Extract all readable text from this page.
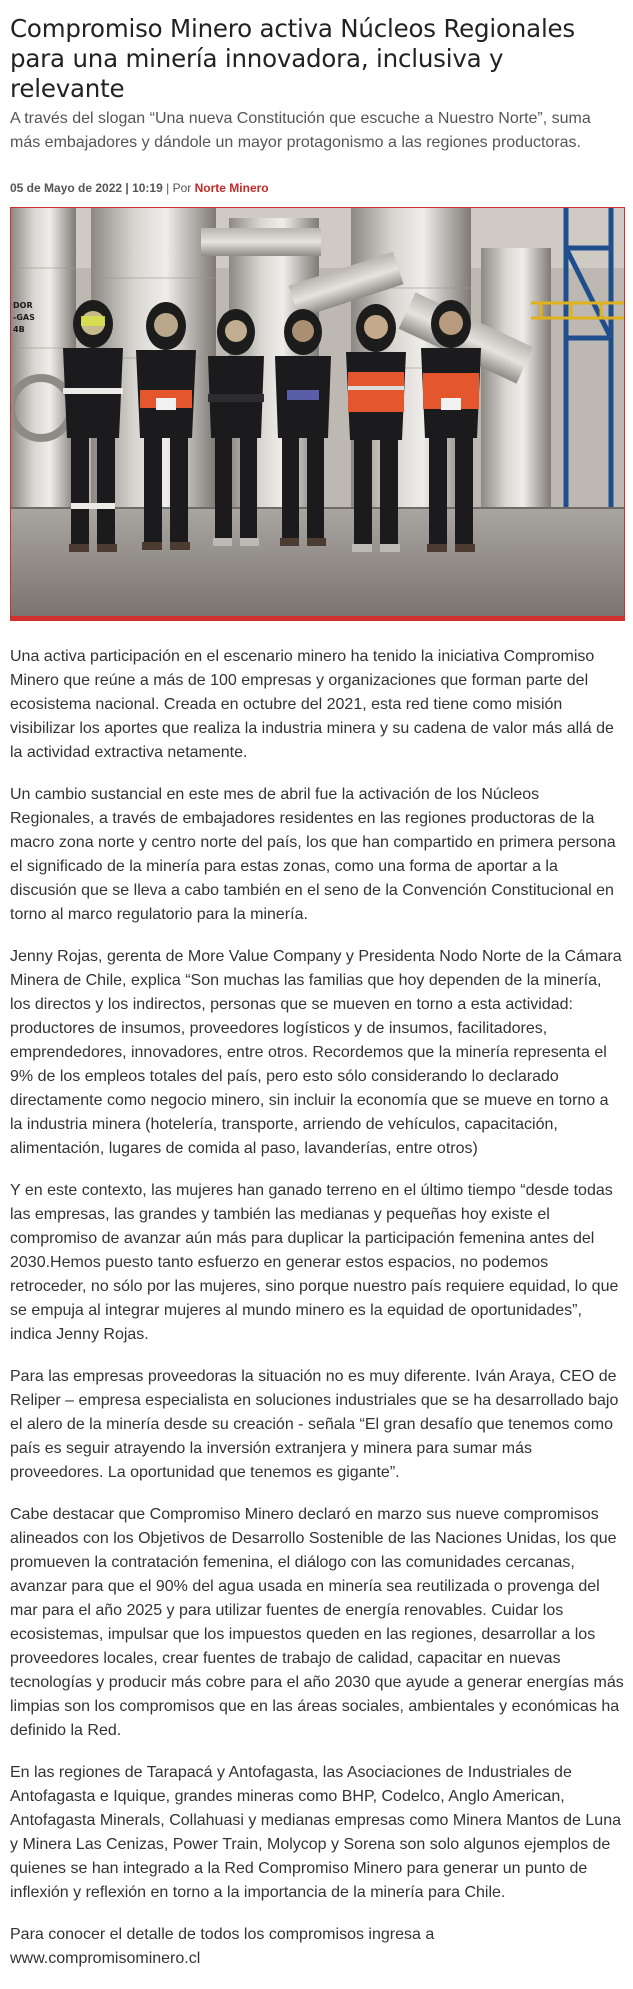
Compromiso Minero activa Núcleos Regionales para una minería innovadora, inclusiva y relevante

A través del slogan “Una nueva Constitución que escuche a Nuestro Norte”, suma más embajadores y dándole un mayor protagonismo a las regiones productoras.

05 de Mayo de 2022 | 10:19 | Por Norte Minero
DOR
-GAS
4B

Una activa participación en el escenario minero ha tenido la iniciativa Compromiso Minero que reúne a más de 100 empresas y organizaciones que forman parte del ecosistema nacional. Creada en octubre del 2021, esta red tiene como misión visibilizar los aportes que realiza la industria minera y su cadena de valor más allá de la actividad extractiva netamente.

Un cambio sustancial en este mes de abril fue la activación de los Núcleos Regionales, a través de embajadores residentes en las regiones productoras de la macro zona norte y centro norte del país, los que han compartido en primera persona el significado de la minería para estas zonas, como una forma de aportar a la discusión que se lleva a cabo también en el seno de la Convención Constitucional en torno al marco regulatorio para la minería.

Jenny Rojas, gerenta de More Value Company y Presidenta Nodo Norte de la Cámara Minera de Chile, explica “Son muchas las familias que hoy dependen de la minería, los directos y los indirectos, personas que se mueven en torno a esta actividad: productores de insumos, proveedores logísticos y de insumos, facilitadores, emprendedores, innovadores, entre otros. Recordemos que la minería representa el 9% de los empleos totales del país, pero esto sólo considerando lo declarado directamente como negocio minero, sin incluir la economía que se mueve en torno a la industria minera (hotelería, transporte, arriendo de vehículos, capacitación, alimentación, lugares de comida al paso, lavanderías, entre otros)

Y en este contexto, las mujeres han ganado terreno en el último tiempo “desde todas las empresas, las grandes y también las medianas y pequeñas hoy existe el compromiso de avanzar aún más para duplicar la participación femenina antes del 2030.Hemos puesto tanto esfuerzo en generar estos espacios, no podemos retroceder, no sólo por las mujeres, sino porque nuestro país requiere equidad, lo que se empuja al integrar mujeres al mundo minero es la equidad de oportunidades”, indica Jenny Rojas.

Para las empresas proveedoras la situación no es muy diferente. Iván Araya, CEO de Reliper – empresa especialista en soluciones industriales que se ha desarrollado bajo el alero de la minería desde su creación - señala “El gran desafío que tenemos como país es seguir atrayendo la inversión extranjera y minera para sumar más proveedores. La oportunidad que tenemos es gigante”.

Cabe destacar que Compromiso Minero declaró en marzo sus nueve compromisos alineados con los Objetivos de Desarrollo Sostenible de las Naciones Unidas, los que promueven la contratación femenina, el diálogo con las comunidades cercanas, avanzar para que el 90% del agua usada en minería sea reutilizada o provenga del mar para el año 2025 y para utilizar fuentes de energía renovables. Cuidar los ecosistemas, impulsar que los impuestos queden en las regiones, desarrollar a los proveedores locales, crear fuentes de trabajo de calidad, capacitar en nuevas tecnologías y producir más cobre para el año 2030 que ayude a generar energías más limpias son los compromisos que en las áreas sociales, ambientales y económicas ha definido la Red.

En las regiones de Tarapacá y Antofagasta, las Asociaciones de Industriales de Antofagasta e Iquique, grandes mineras como BHP, Codelco, Anglo American, Antofagasta Minerals, Collahuasi y medianas empresas como Minera Mantos de Luna y Minera Las Cenizas, Power Train, Molycop y Sorena son solo algunos ejemplos de quienes se han integrado a la Red Compromiso Minero para generar un punto de inflexión y reflexión en torno a la importancia de la minería para Chile.

Para conocer el detalle de todos los compromisos ingresa a www.compromisominero.cl
